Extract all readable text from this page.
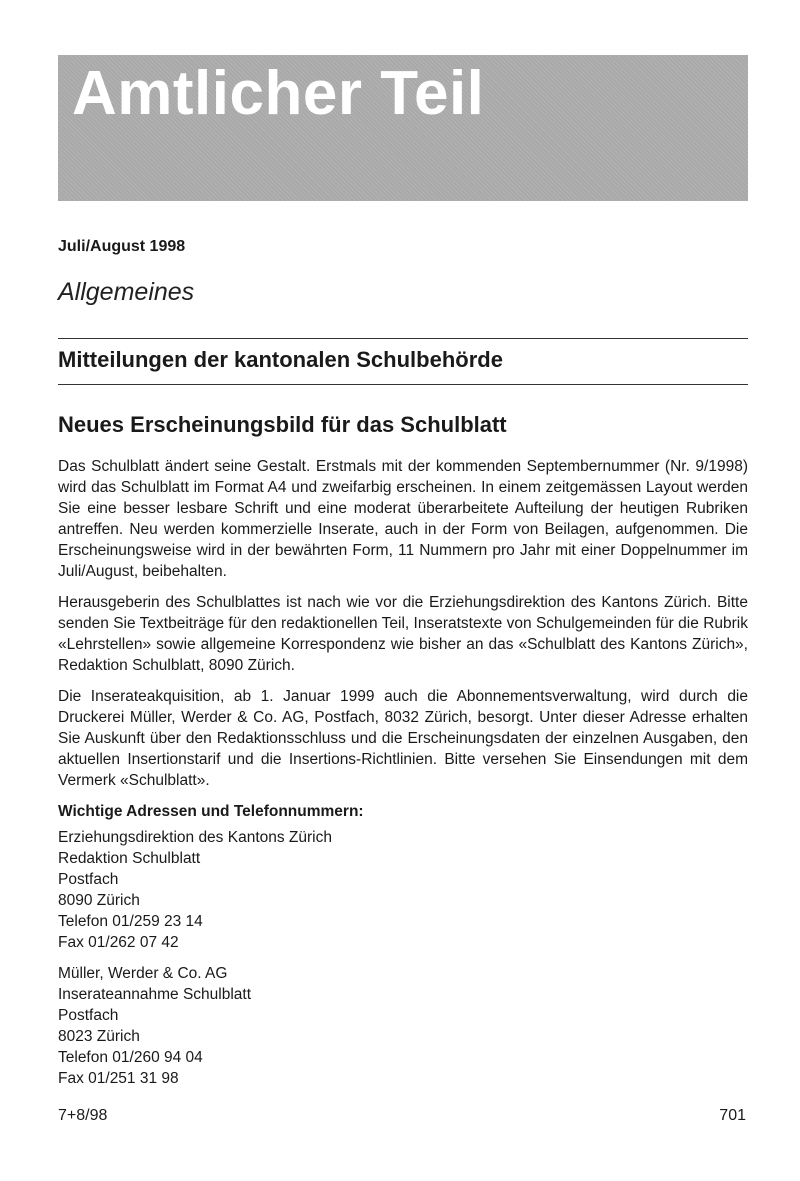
Amtlicher Teil
Juli/August 1998
Allgemeines
Mitteilungen der kantonalen Schulbehörde
Neues Erscheinungsbild für das Schulblatt

Das Schulblatt ändert seine Gestalt. Erstmals mit der kommenden Septembernummer (Nr. 9/1998) wird das Schulblatt im Format A4 und zweifarbig erscheinen. In einem zeitgemässen Layout werden Sie eine besser lesbare Schrift und eine moderat überarbeitete Aufteilung der heutigen Rubriken antreffen. Neu werden kommerzielle Inserate, auch in der Form von Beilagen, aufgenommen. Die Erscheinungsweise wird in der bewährten Form, 11 Nummern pro Jahr mit einer Doppelnummer im Juli/August, beibehalten.

Herausgeberin des Schulblattes ist nach wie vor die Erziehungsdirektion des Kantons Zürich. Bitte senden Sie Textbeiträge für den redaktionellen Teil, Inseratstexte von Schulgemeinden für die Rubrik «Lehrstellen» sowie allgemeine Korrespondenz wie bisher an das «Schulblatt des Kantons Zürich», Redaktion Schulblatt, 8090 Zürich.

Die Inserateakquisition, ab 1. Januar 1999 auch die Abonnementsverwaltung, wird durch die Druckerei Müller, Werder & Co. AG, Postfach, 8032 Zürich, besorgt. Unter dieser Adresse erhalten Sie Auskunft über den Redaktionsschluss und die Erscheinungsdaten der einzelnen Ausgaben, den aktuellen Insertionstarif und die Insertions-Richtlinien. Bitte versehen Sie Einsendungen mit dem Vermerk «Schulblatt».

Wichtige Adressen und Telefonnummern:
Erziehungsdirektion des Kantons Zürich
Redaktion Schulblatt
Postfach
8090 Zürich
Telefon 01/259 23 14
Fax 01/262 07 42
Müller, Werder & Co. AG
Inserateannahme Schulblatt
Postfach
8023 Zürich
Telefon 01/260 94 04
Fax 01/251 31 98
7+8/98	701
